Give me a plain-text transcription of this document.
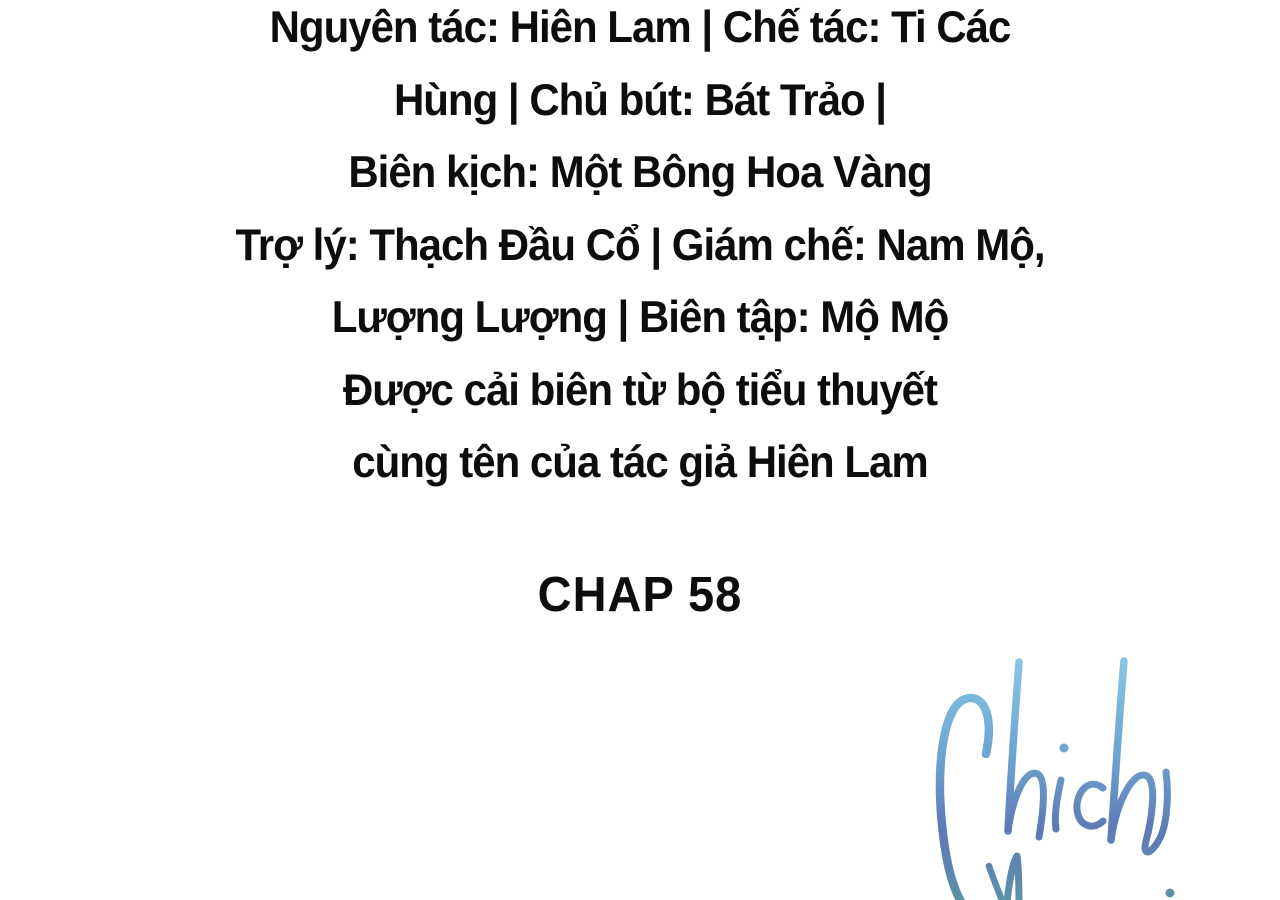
Nguyên tác: Hiên Lam | Chế tác: Ti Các
Hùng | Chủ bút: Bát Trảo |
Biên kịch: Một Bông Hoa Vàng
Trợ lý: Thạch Đầu Cổ | Giám chế: Nam Mộ,
Lượng Lượng | Biên tập: Mộ Mộ
Được cải biên từ bộ tiểu thuyết
cùng tên của tác giả Hiên Lam
CHAP 58
